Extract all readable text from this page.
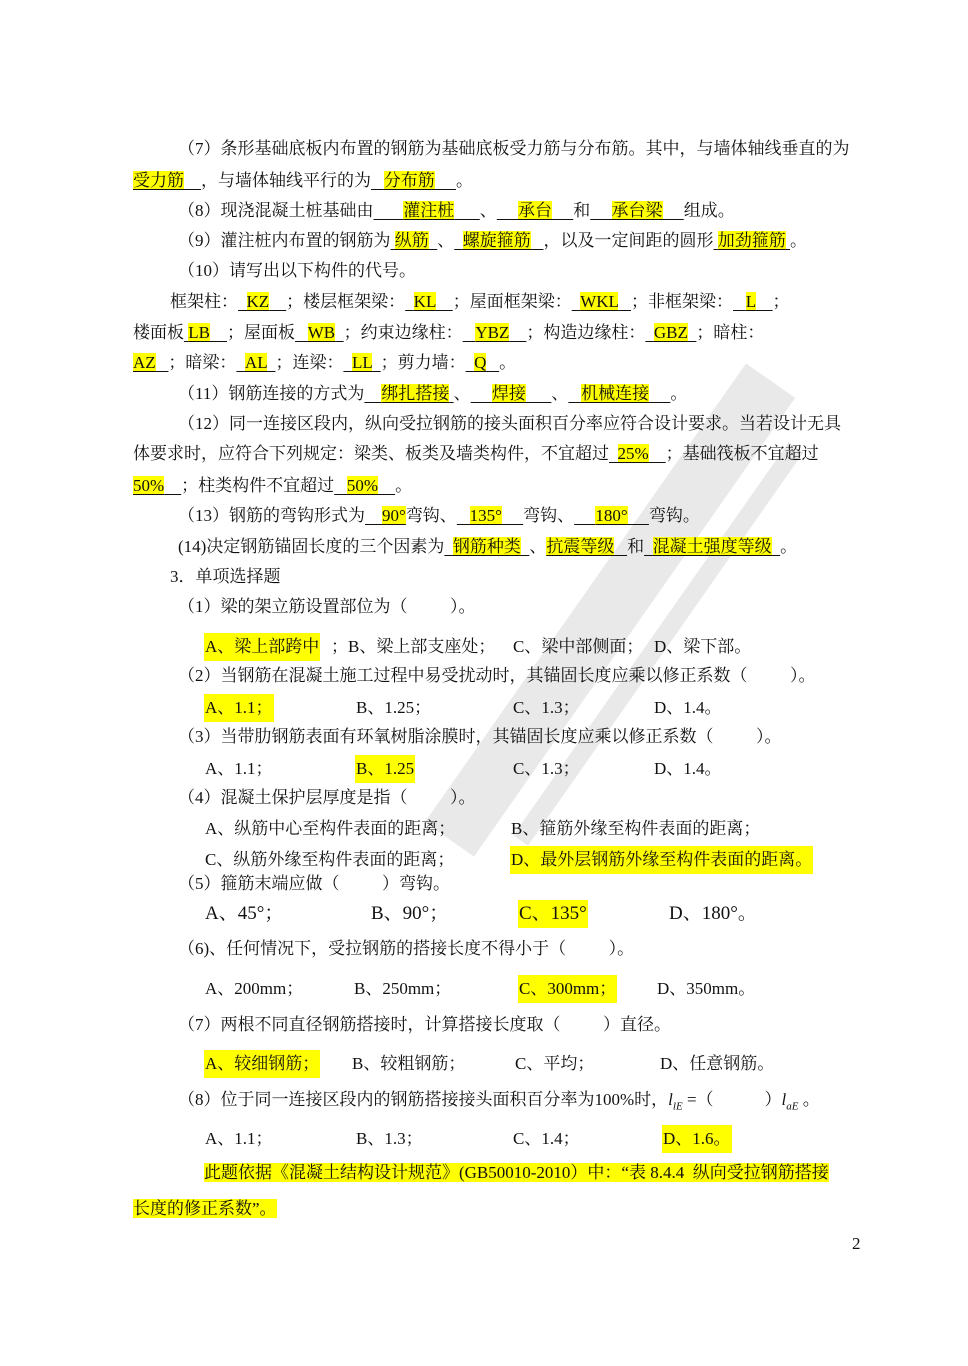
（7）条形基础底板内布置的钢筋为基础底板受力筋与分布筋。其中，与墙体轴线垂直的为
受力筋 ，与墙体轴线平行的为 分布筋 。
（8）现浇混凝土桩基础由 灌注桩 、 承台 和 承台梁 组成。
（9）灌注桩内布置的钢筋为 纵筋 、 螺旋箍筋 ，以及一定间距的圆形 加劲箍筋 。
（10）请写出以下构件的代号。
框架柱： KZ ；楼层框架梁： KL ；屋面框架梁： WKL ；非框架梁： L ；
楼面板 LB ；屋面板 WB ；约束边缘柱： YBZ ；构造边缘柱： GBZ ；暗柱：
AZ ；暗梁： AL ；连梁： LL ；剪力墙： Q 。
（11）钢筋连接的方式为 绑扎搭接 、 焊接 、 机械连接 。
（12）同一连接区段内，纵向受拉钢筋的接头面积百分率应符合设计要求。当若设计无具
体要求时，应符合下列规定：梁类、板类及墙类构件，不宜超过 25% ；基础筏板不宜超过
50% ；柱类构件不宜超过 50% 。
（13）钢筋的弯钩形式为 90°弯钩、 135° 弯钩、 180° 弯钩。
(14)决定钢筋锚固长度的三个因素为 钢筋种类 、抗震等级 和 混凝土强度等级 。
3．单项选择题
（1）梁的架立筋设置部位为（          ）。
（2）当钢筋在混凝土施工过程中易受扰动时，其锚固长度应乘以修正系数（          ）。
（3）当带肋钢筋表面有环氧树脂涂膜时，其锚固长度应乘以修正系数（          ）。
（4）混凝土保护层厚度是指（          ）。
（5）箍筋末端应做（          ）弯钩。
（6)、任何情况下，受拉钢筋的搭接长度不得小于（          ）。
（7）两根不同直径钢筋搭接时，计算搭接长度取（          ）直径。
（8）位于同一连接区段内的钢筋搭接接头面积百分率为100%时，$l_{lE}$ =（            ）$l_{aE}$ 。
此题依据《混凝土结构设计规范》(GB50010-2010）中：“表 8.4.4  纵向受拉钢筋搭接
长度的修正系数”。
A、梁上部跨中 ；B、梁上部支座处； C、梁中部侧面； D、梁下部。
A、1.1；	B、1.25；	C、1.3；	D、1.4。
A、1.1；	B、1.25	C、1.3；	D、1.4。
A、纵筋中心至构件表面的距离；	B、箍筋外缘至构件表面的距离；
C、纵筋外缘至构件表面的距离；	D、最外层钢筋外缘至构件表面的距离。
A、45°；	B、90°；	C、135°	D、180°。
A、200mm；	B、250mm；	C、300mm； D、350mm。
A、较细钢筋； B、较粗钢筋；	C、平均；	D、任意钢筋。
A、1.1；	B、1.3；	C、1.4；	D、1.6。
2
